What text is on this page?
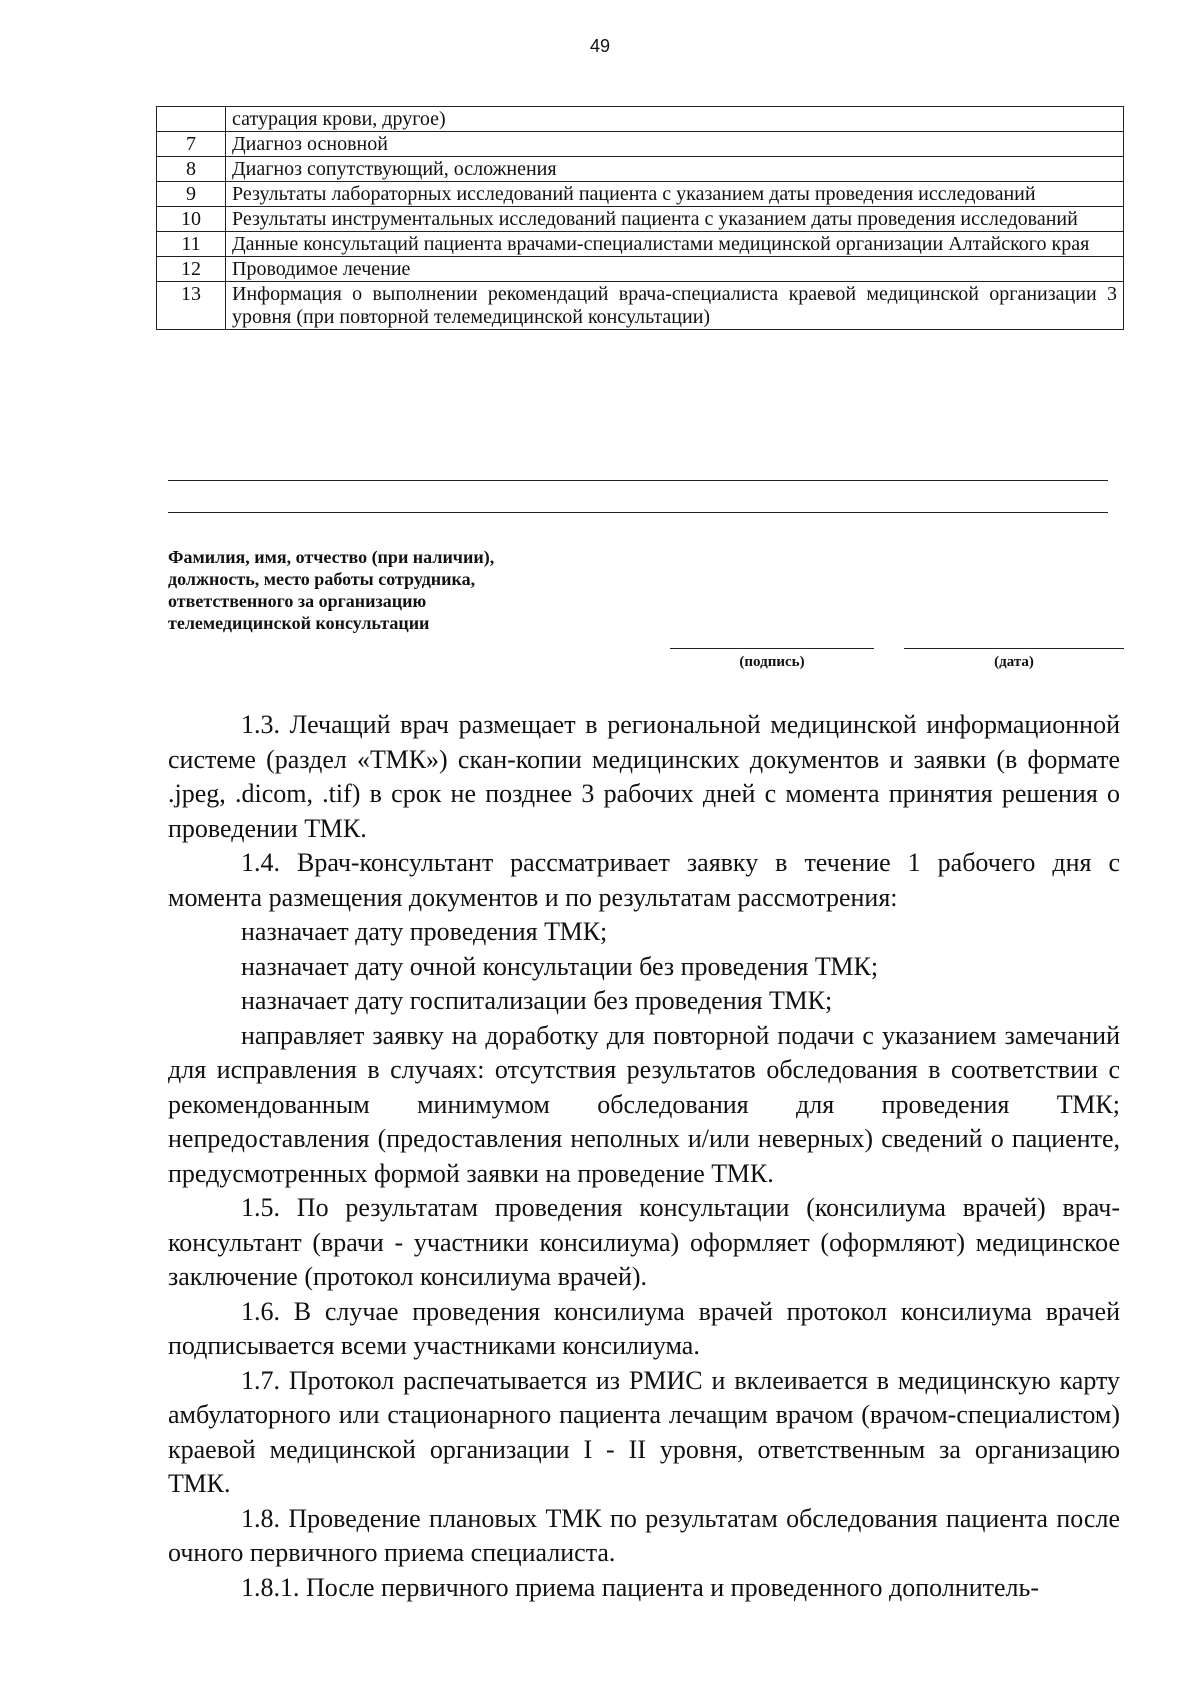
49
	сатурация крови, другое)
7	Диагноз основной
8	Диагноз сопутствующий, осложнения
9	Результаты лабораторных исследований пациента с указанием даты проведения исследований
10	Результаты инструментальных исследований пациента с указанием даты проведения исследований
11	Данные консультаций пациента врачами-специалистами медицинской организации Алтайского края
12	Проводимое лечение
13	Информация о выполнении рекомендаций врача-специалиста краевой медицинской организации 3 уровня (при повторной телемедицинской консультации)
Фамилия, имя, отчество (при наличии),
должность, место работы сотрудника,
ответственного за организацию
телемедицинской консультации
(подпись)	(дата)

1.3. Лечащий врач размещает в региональной медицинской информационной системе (раздел «ТМК») скан-копии медицинских документов и заявки (в формате .jpeg, .dicom, .tif) в срок не позднее 3 рабочих дней с момента принятия решения о проведении ТМК.

1.4. Врач-консультант рассматривает заявку в течение 1 рабочего дня с момента размещения документов и по результатам рассмотрения:

назначает дату проведения ТМК;

назначает дату очной консультации без проведения ТМК;

назначает дату госпитализации без проведения ТМК;

направляет заявку на доработку для повторной подачи с указанием замечаний для исправления в случаях: отсутствия результатов обследования в соответствии с рекомендованным минимумом обследования для проведения ТМК; непредоставления (предоставления неполных и/или неверных) сведений о пациенте, предусмотренных формой заявки на проведение ТМК.

1.5. По результатам проведения консультации (консилиума врачей) врач-консультант (врачи - участники консилиума) оформляет (оформляют) медицинское заключение (протокол консилиума врачей).

1.6. В случае проведения консилиума врачей протокол консилиума врачей подписывается всеми участниками консилиума.

1.7. Протокол распечатывается из РМИС и вклеивается в медицинскую карту амбулаторного или стационарного пациента лечащим врачом (врачом-специалистом) краевой медицинской организации I - II уровня, ответственным за организацию ТМК.

1.8. Проведение плановых ТМК по результатам обследования пациента после очного первичного приема специалиста.

1.8.1. После первичного приема пациента и проведенного дополнитель-
